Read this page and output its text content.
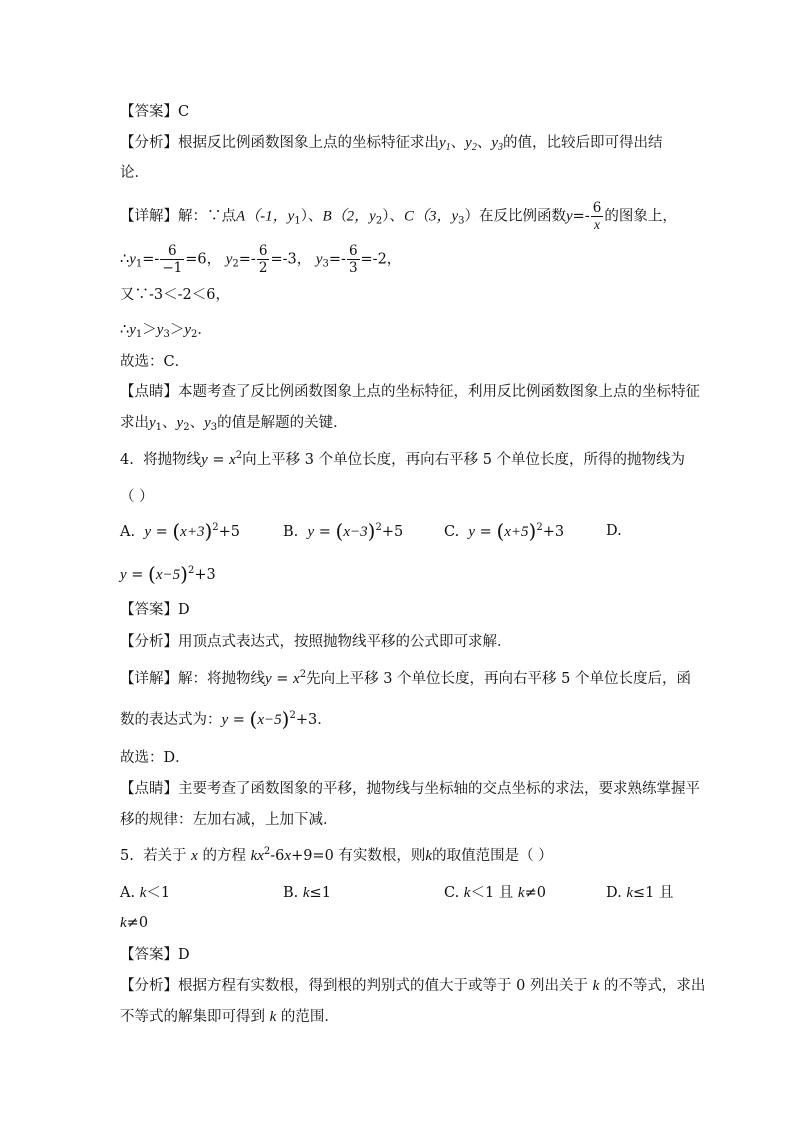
【答案】C
【分析】根据反比例函数图象上点的坐标特征求出$y_1$、$y_2$、$y_3$的值，比较后即可得出结
论．
【详解】解：∵点A（-1，$y_1$）、B（2，$y_2$）、C（3，$y_3$）在反比例函数$y=- \frac{6}{x}$ 的图象上，
$\therefore y_1=- \frac{6}{-1} =6$， $y_2=- \frac{6}{2} =-3$， $y_3=- \frac{6}{3} =-2$，
又∵-3＜-2＜6，
$\therefore y_1>y_3>y_2$．
故选：C．
【点睛】本题考查了反比例函数图象上点的坐标特征，利用反比例函数图象上点的坐标特征
求出$y_1$、$y_2$、$y_3$的值是解题的关键．
4. 将抛物线$y = x^2$向上平移 3 个单位长度，再向右平移 5 个单位长度，所得的抛物线为
（ ）
A. $y = (x+3)^2+5$	B. $y = (x-3)^2+5$	C. $y = (x+5)^2+3$	D.
$y = (x-5)^2+3$
【答案】D
【分析】用顶点式表达式，按照抛物线平移的公式即可求解．
【详解】解：将抛物线$y = x^2$先向上平移 3 个单位长度，再向右平移 5 个单位长度后，函
数的表达式为：$y = (x-5)^2+3$．
故选：D．
【点睛】主要考查了函数图象的平移，抛物线与坐标轴的交点坐标的求法，要求熟练掌握平
移的规律：左加右减，上加下减．
5. 若关于 x 的方程 $kx^2-6x+9=0$ 有实数根，则k的取值范围是（ ）
A. k＜1	B. k≤1	C. k＜1 且 k≠0	D. k≤1 且
k≠0
【答案】D
【分析】根据方程有实数根，得到根的判别式的值大于或等于 0 列出关于 k 的不等式，求出
不等式的解集即可得到 k 的范围．
